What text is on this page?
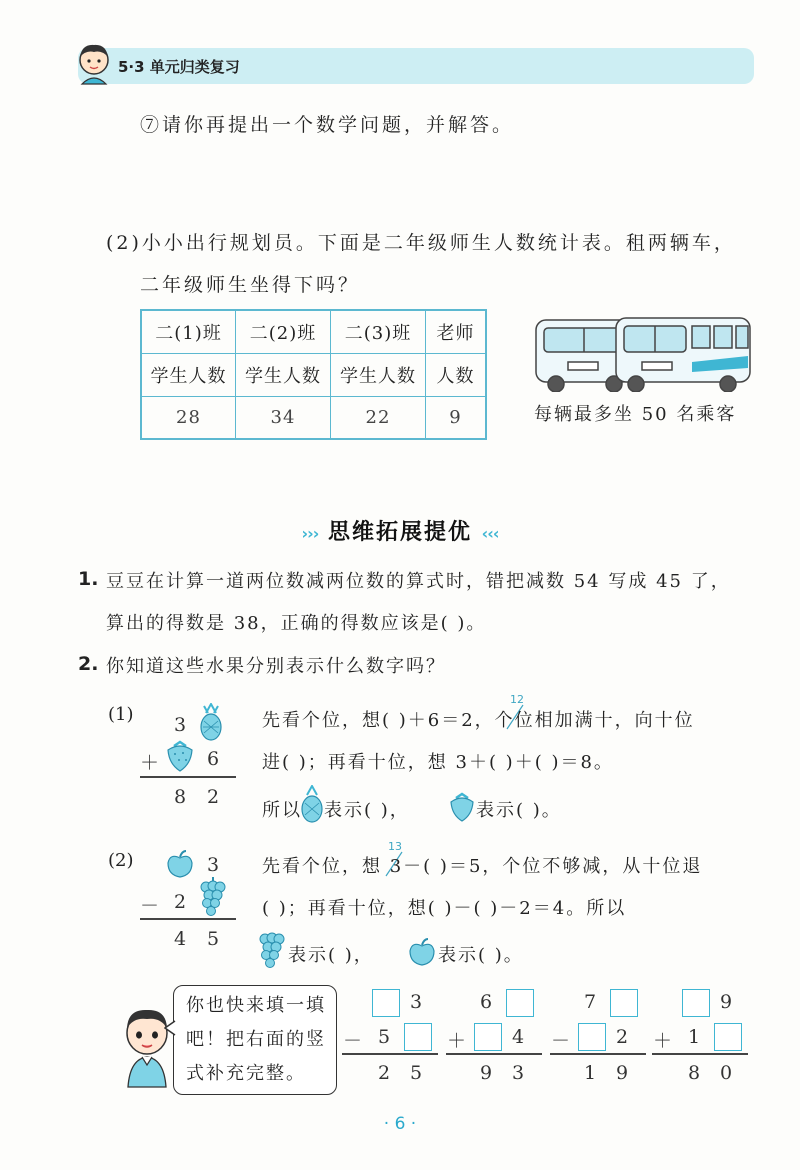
5·3 单元归类复习
⑦请你再提出一个数学问题，并解答。
(2)小小出行规划员。下面是二年级师生人数统计表。租两辆车，
二年级师生坐得下吗？
二(1)班	二(2)班	二(3)班	老师
学生人数	学生人数	学生人数	人数
28	34	22	9	每辆最多坐 50 名乘客
››› 思维拓展提优 ‹‹‹
1. 豆豆在计算一道两位数减两位数的算式时，错把减数 54 写成 45 了，
算出的得数是 38，正确的得数应该是( )。
2. 你知道这些水果分别表示什么数字吗？
(1) 3
＋	6
8 2
12
先看个位，想( )＋6＝2，个位相加满十，向十位
进( )；再看十位，想 3＋( )＋( )＝8。
所以 表示( )，	表示( )。
(2)	3
－ 2
4 5
13
先看个位，想 3－( )＝5，个位不够减，从十位退
( )；再看十位，想( )－( )－2＝4。所以
表示( )，	表示( )。
你也快来填一填吧！把右面的竖式补充完整。
3
－ 5
2 5
6
＋ 4
9 3
7
－ 2
1 9
9
＋ 1
8 0
· 6 ·
